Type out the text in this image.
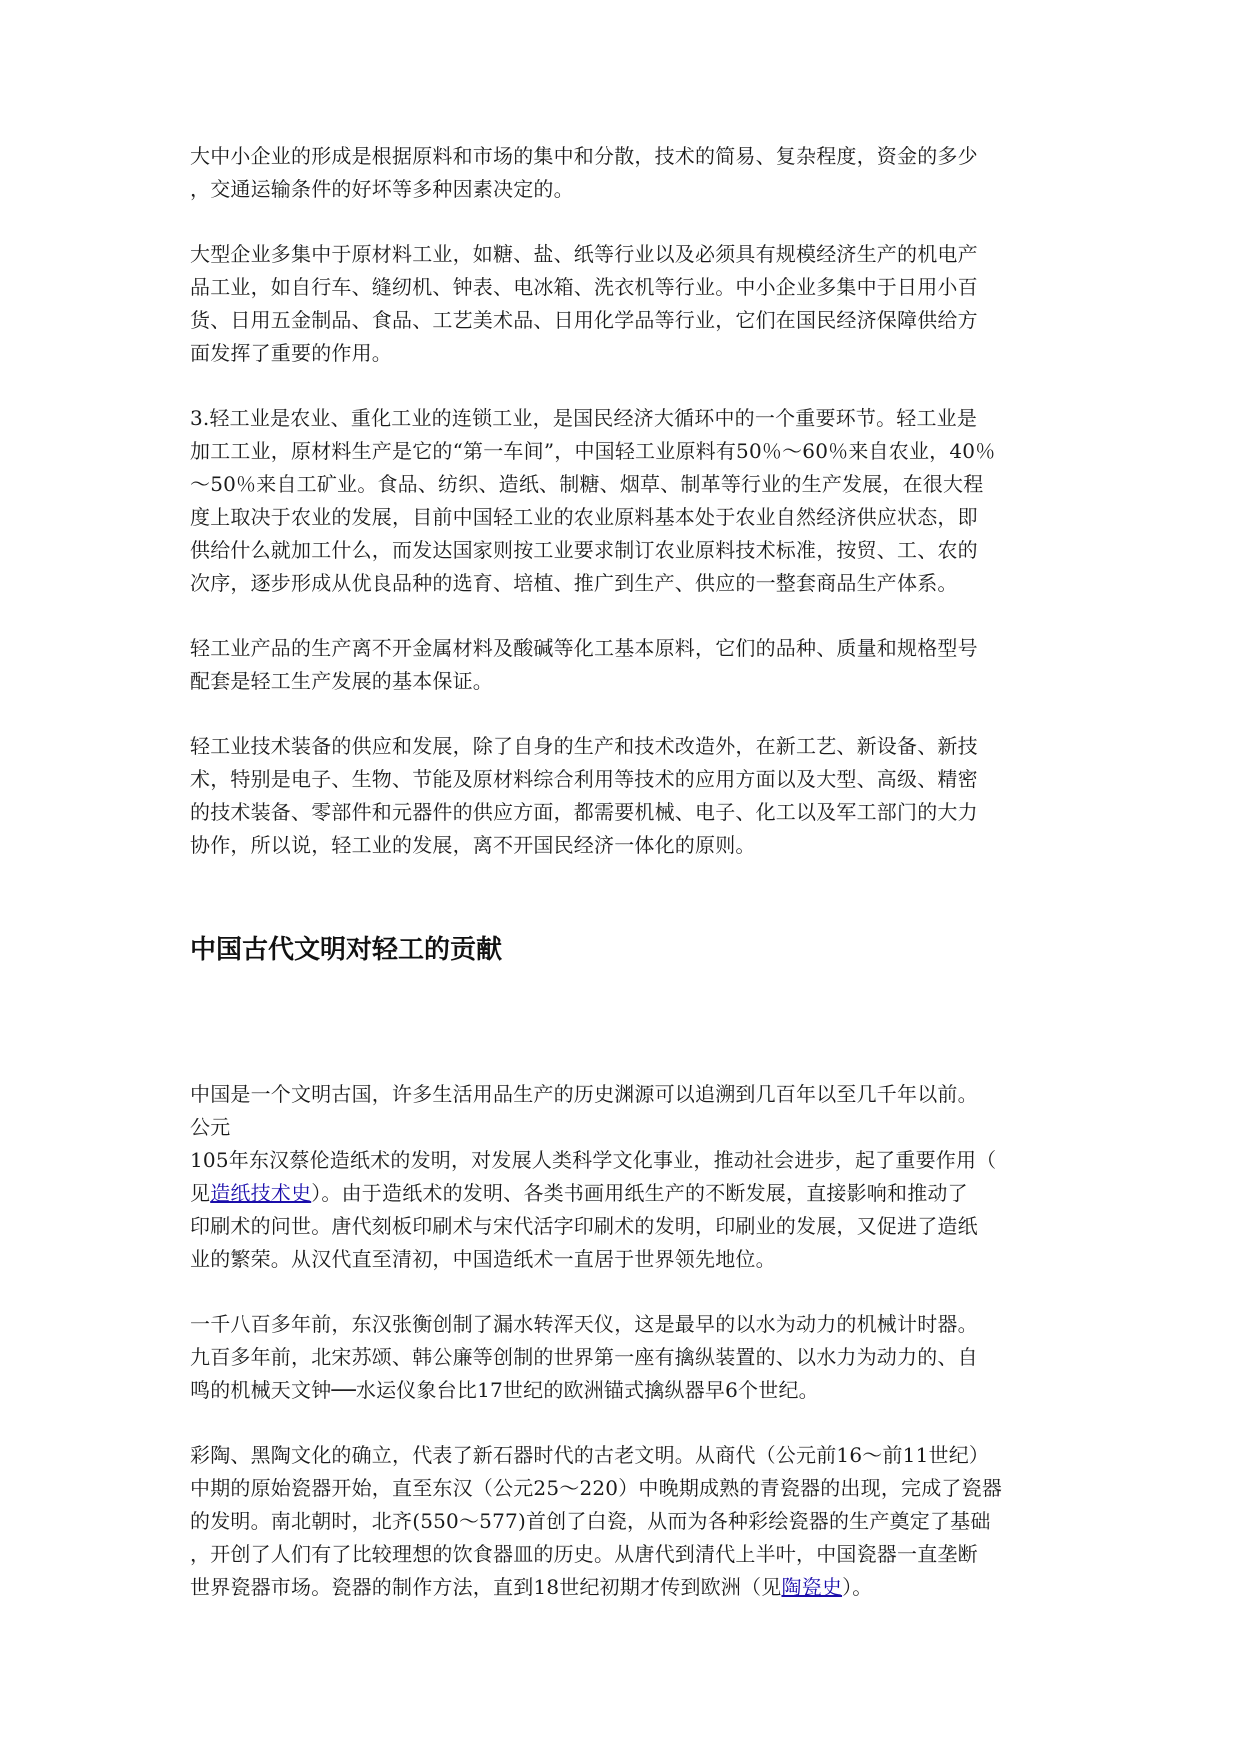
大中小企业的形成是根据原料和市场的集中和分散，技术的简易、复杂程度，资金的多少
，交通运输条件的好坏等多种因素决定的。

大型企业多集中于原材料工业，如糖、盐、纸等行业以及必须具有规模经济生产的机电产
品工业，如自行车、缝纫机、钟表、电冰箱、洗衣机等行业。中小企业多集中于日用小百
货、日用五金制品、食品、工艺美术品、日用化学品等行业，它们在国民经济保障供给方
面发挥了重要的作用。

3.轻工业是农业、重化工业的连锁工业，是国民经济大循环中的一个重要环节。轻工业是
加工工业，原材料生产是它的“第一车间”，中国轻工业原料有50％～60％来自农业，40％
～50％来自工矿业。食品、纺织、造纸、制糖、烟草、制革等行业的生产发展，在很大程
度上取决于农业的发展，目前中国轻工业的农业原料基本处于农业自然经济供应状态，即
供给什么就加工什么，而发达国家则按工业要求制订农业原料技术标准，按贸、工、农的
次序，逐步形成从优良品种的选育、培植、推广到生产、供应的一整套商品生产体系。

轻工业产品的生产离不开金属材料及酸碱等化工基本原料，它们的品种、质量和规格型号
配套是轻工生产发展的基本保证。

轻工业技术装备的供应和发展，除了自身的生产和技术改造外，在新工艺、新设备、新技
术，特别是电子、生物、节能及原材料综合利用等技术的应用方面以及大型、高级、精密
的技术装备、零部件和元器件的供应方面，都需要机械、电子、化工以及军工部门的大力
协作，所以说，轻工业的发展，离不开国民经济一体化的原则。

中国古代文明对轻工的贡献

中国是一个文明古国，许多生活用品生产的历史渊源可以追溯到几百年以至几千年以前。
公元
105年东汉蔡伦造纸术的发明，对发展人类科学文化事业，推动社会进步，起了重要作用（
见造纸技术史）。由于造纸术的发明、各类书画用纸生产的不断发展，直接影响和推动了
印刷术的问世。唐代刻板印刷术与宋代活字印刷术的发明，印刷业的发展，又促进了造纸
业的繁荣。从汉代直至清初，中国造纸术一直居于世界领先地位。

一千八百多年前，东汉张衡创制了漏水转浑天仪，这是最早的以水为动力的机械计时器。
九百多年前，北宋苏颂、韩公廉等创制的世界第一座有擒纵装置的、以水力为动力的、自
鸣的机械天文钟──水运仪象台比17世纪的欧洲锚式擒纵器早6个世纪。

彩陶、黑陶文化的确立，代表了新石器时代的古老文明。从商代（公元前16～前11世纪）
中期的原始瓷器开始，直至东汉（公元25～220）中晚期成熟的青瓷器的出现，完成了瓷器
的发明。南北朝时，北齐(550～577)首创了白瓷，从而为各种彩绘瓷器的生产奠定了基础
，开创了人们有了比较理想的饮食器皿的历史。从唐代到清代上半叶，中国瓷器一直垄断
世界瓷器市场。瓷器的制作方法，直到18世纪初期才传到欧洲（见陶瓷史）。
